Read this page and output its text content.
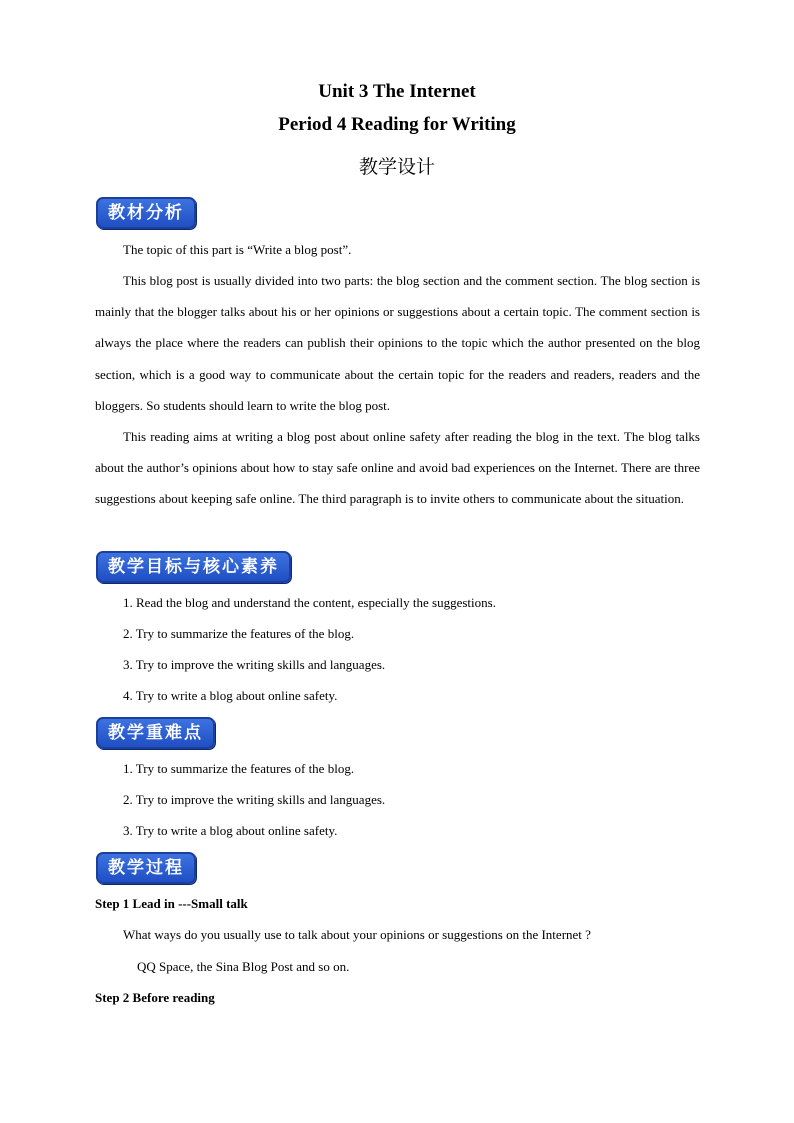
Unit 3 The Internet
Period 4 Reading for Writing
教学设计
教材分析

The topic of this part is “Write a blog post”.

This blog post is usually divided into two parts: the blog section and the comment section. The blog section is mainly that the blogger talks about his or her opinions or suggestions about a certain topic. The comment section is always the place where the readers can publish their opinions to the topic which the author presented on the blog section, which is a good way to communicate about the certain topic for the readers and readers, readers and the bloggers. So students should learn to write the blog post.

This reading aims at writing a blog post about online safety after reading the blog in the text. The blog talks about the author’s opinions about how to stay safe online and avoid bad experiences on the Internet. There are three suggestions about keeping safe online. The third paragraph is to invite others to communicate about the situation.

教学目标与核心素养
1. Read the blog and understand the content, especially the suggestions.
2. Try to summarize the features of the blog.
3. Try to improve the writing skills and languages.
4. Try to write a blog about online safety.
教学重难点
1. Try to summarize the features of the blog.
2. Try to improve the writing skills and languages.
3. Try to write a blog about online safety.
教学过程
Step 1 Lead in ---Small talk
What ways do you usually use to talk about your opinions or suggestions on the Internet ?
QQ Space, the Sina Blog Post and so on.
Step 2 Before reading
